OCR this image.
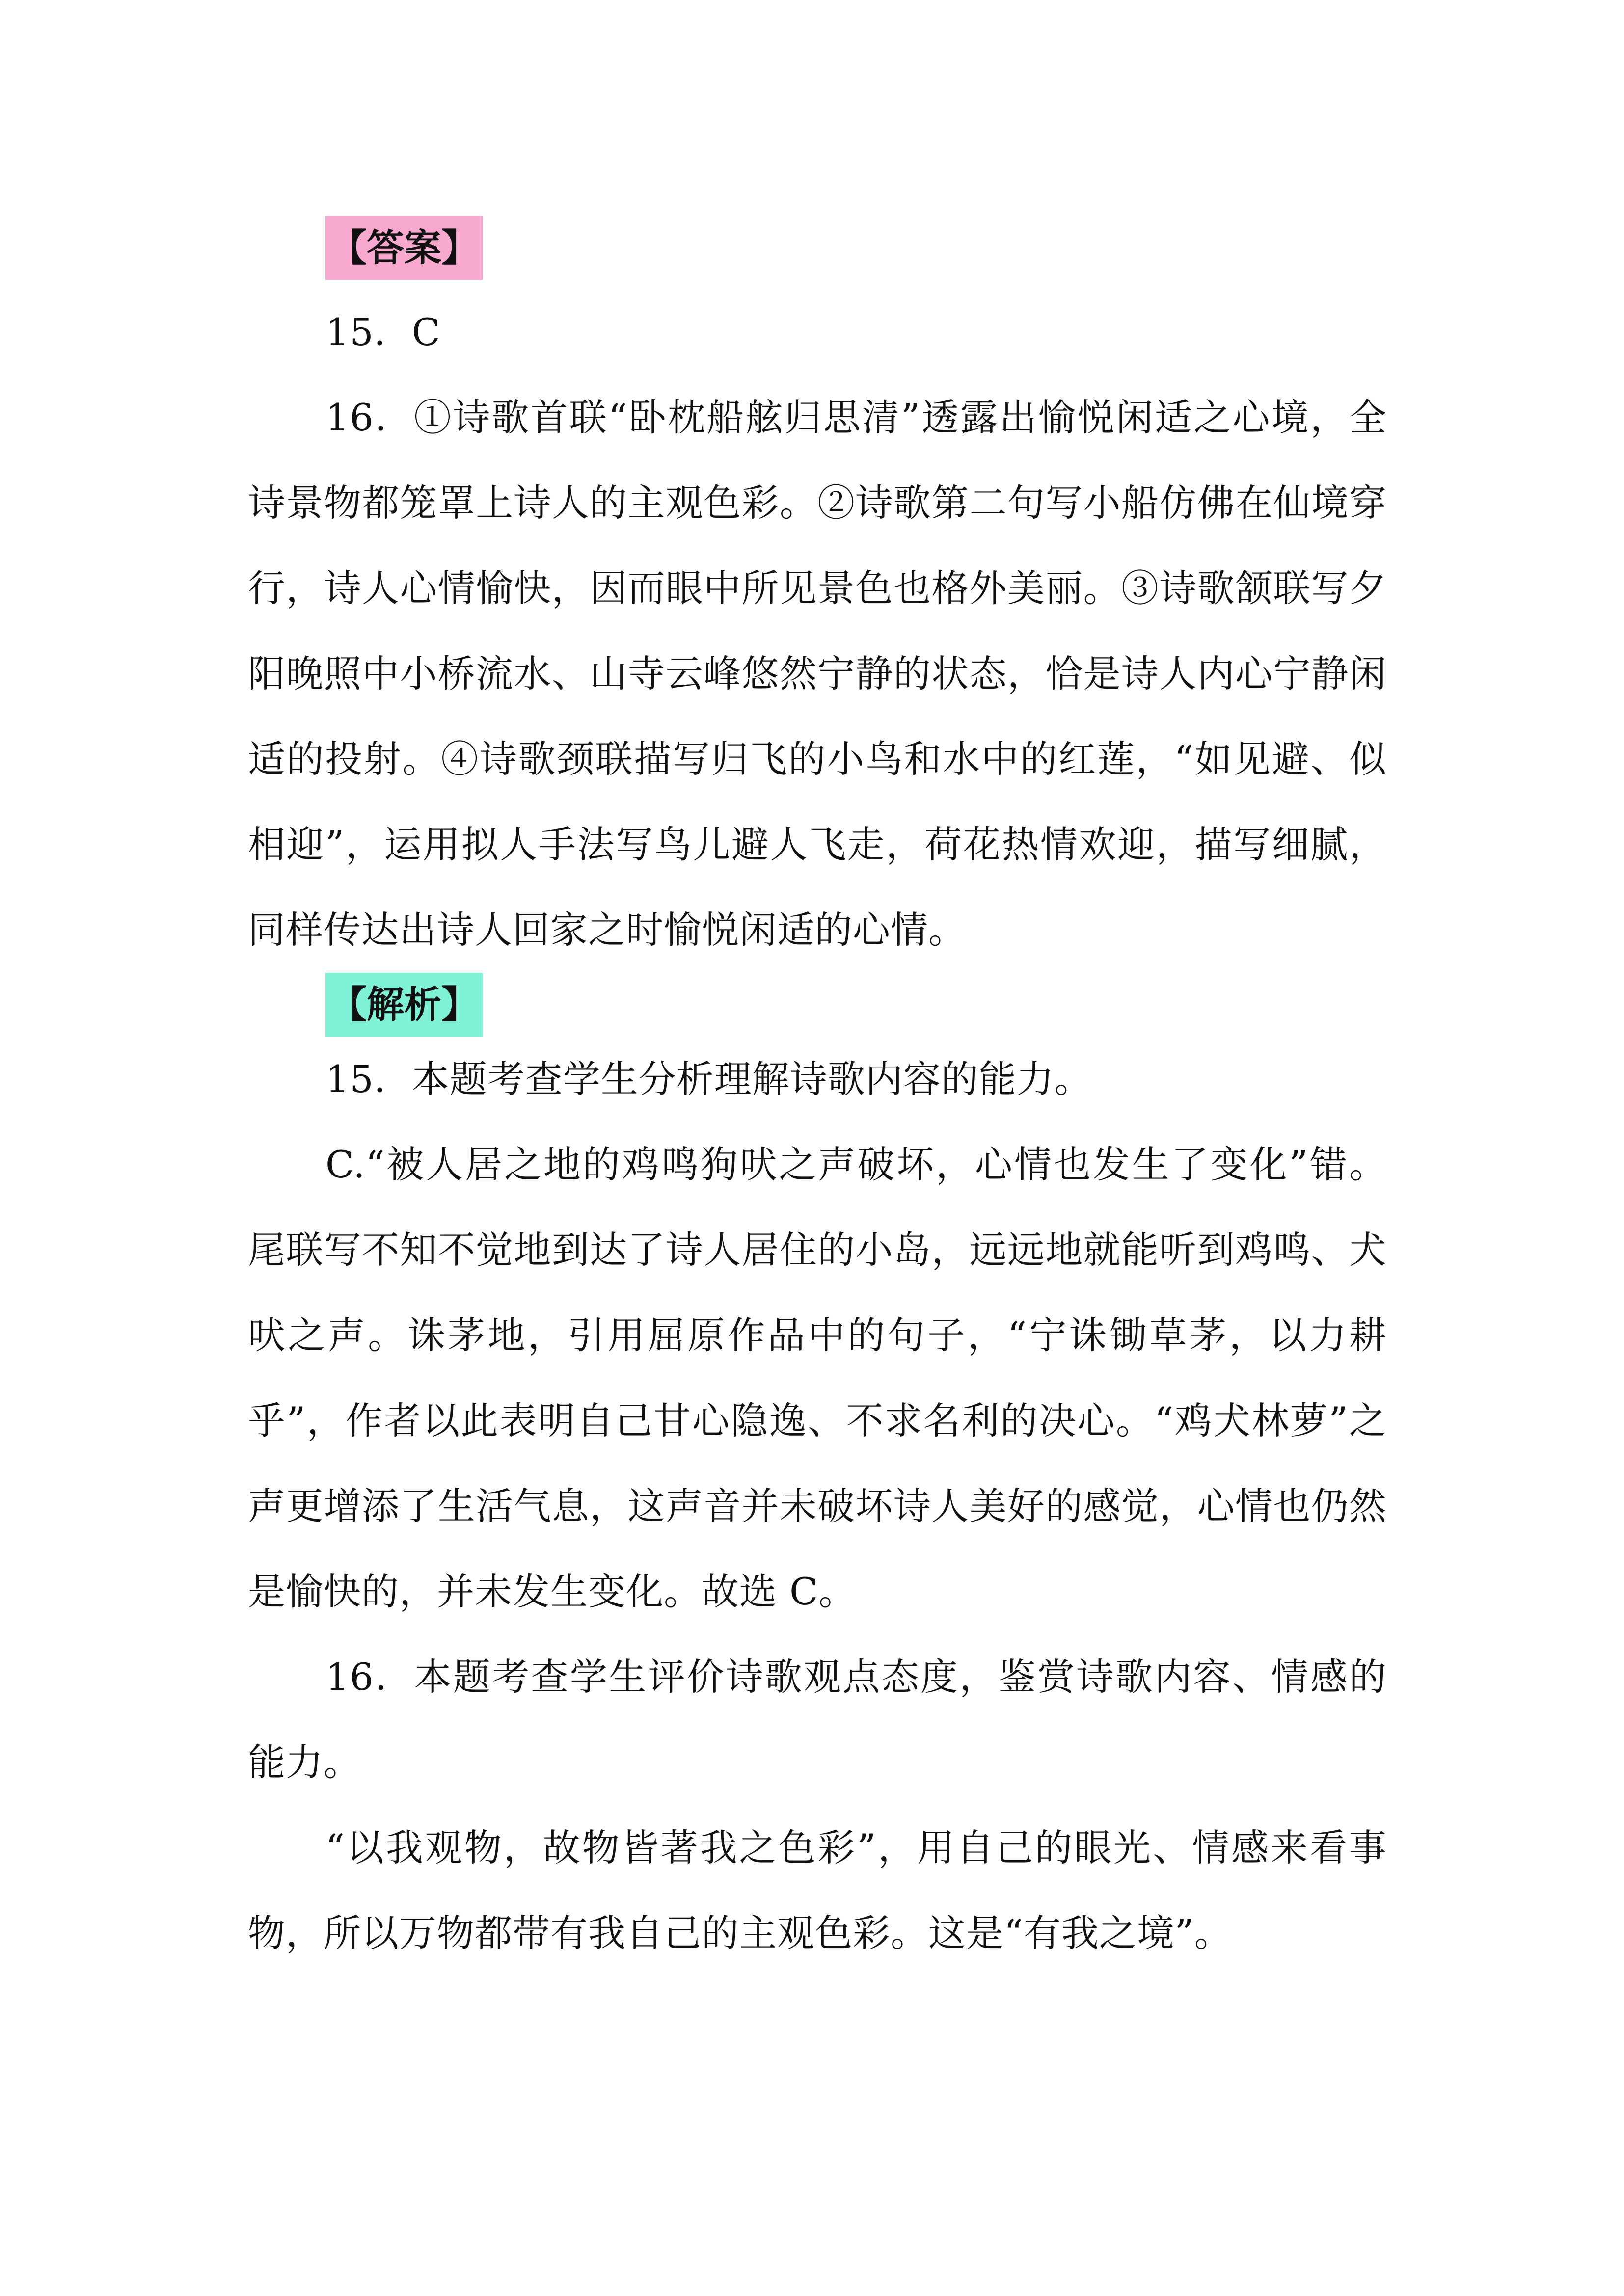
【答案】

15．C

16．①诗歌首联“卧枕船舷归思清”透露出愉悦闲适之心境，全诗景物都笼罩上诗人的主观色彩。②诗歌第二句写小船仿佛在仙境穿行，诗人心情愉快，因而眼中所见景色也格外美丽。③诗歌颔联写夕阳晚照中小桥流水、山寺云峰悠然宁静的状态，恰是诗人内心宁静闲适的投射。④诗歌颈联描写归飞的小鸟和水中的红莲，“如见避、似相迎”，运用拟人手法写鸟儿避人飞走，荷花热情欢迎，描写细腻，同样传达出诗人回家之时愉悦闲适的心情。

【解析】

15．本题考查学生分析理解诗歌内容的能力。

C.“被人居之地的鸡鸣狗吠之声破坏，心情也发生了变化”错。尾联写不知不觉地到达了诗人居住的小岛，远远地就能听到鸡鸣、犬吠之声。诛茅地，引用屈原作品中的句子，“宁诛锄草茅，以力耕乎”，作者以此表明自己甘心隐逸、不求名利的决心。“鸡犬林萝”之声更增添了生活气息，这声音并未破坏诗人美好的感觉，心情也仍然是愉快的，并未发生变化。故选 C。

16．本题考查学生评价诗歌观点态度，鉴赏诗歌内容、情感的能力。

“以我观物，故物皆著我之色彩”，用自己的眼光、情感来看事物，所以万物都带有我自己的主观色彩。这是“有我之境”。
